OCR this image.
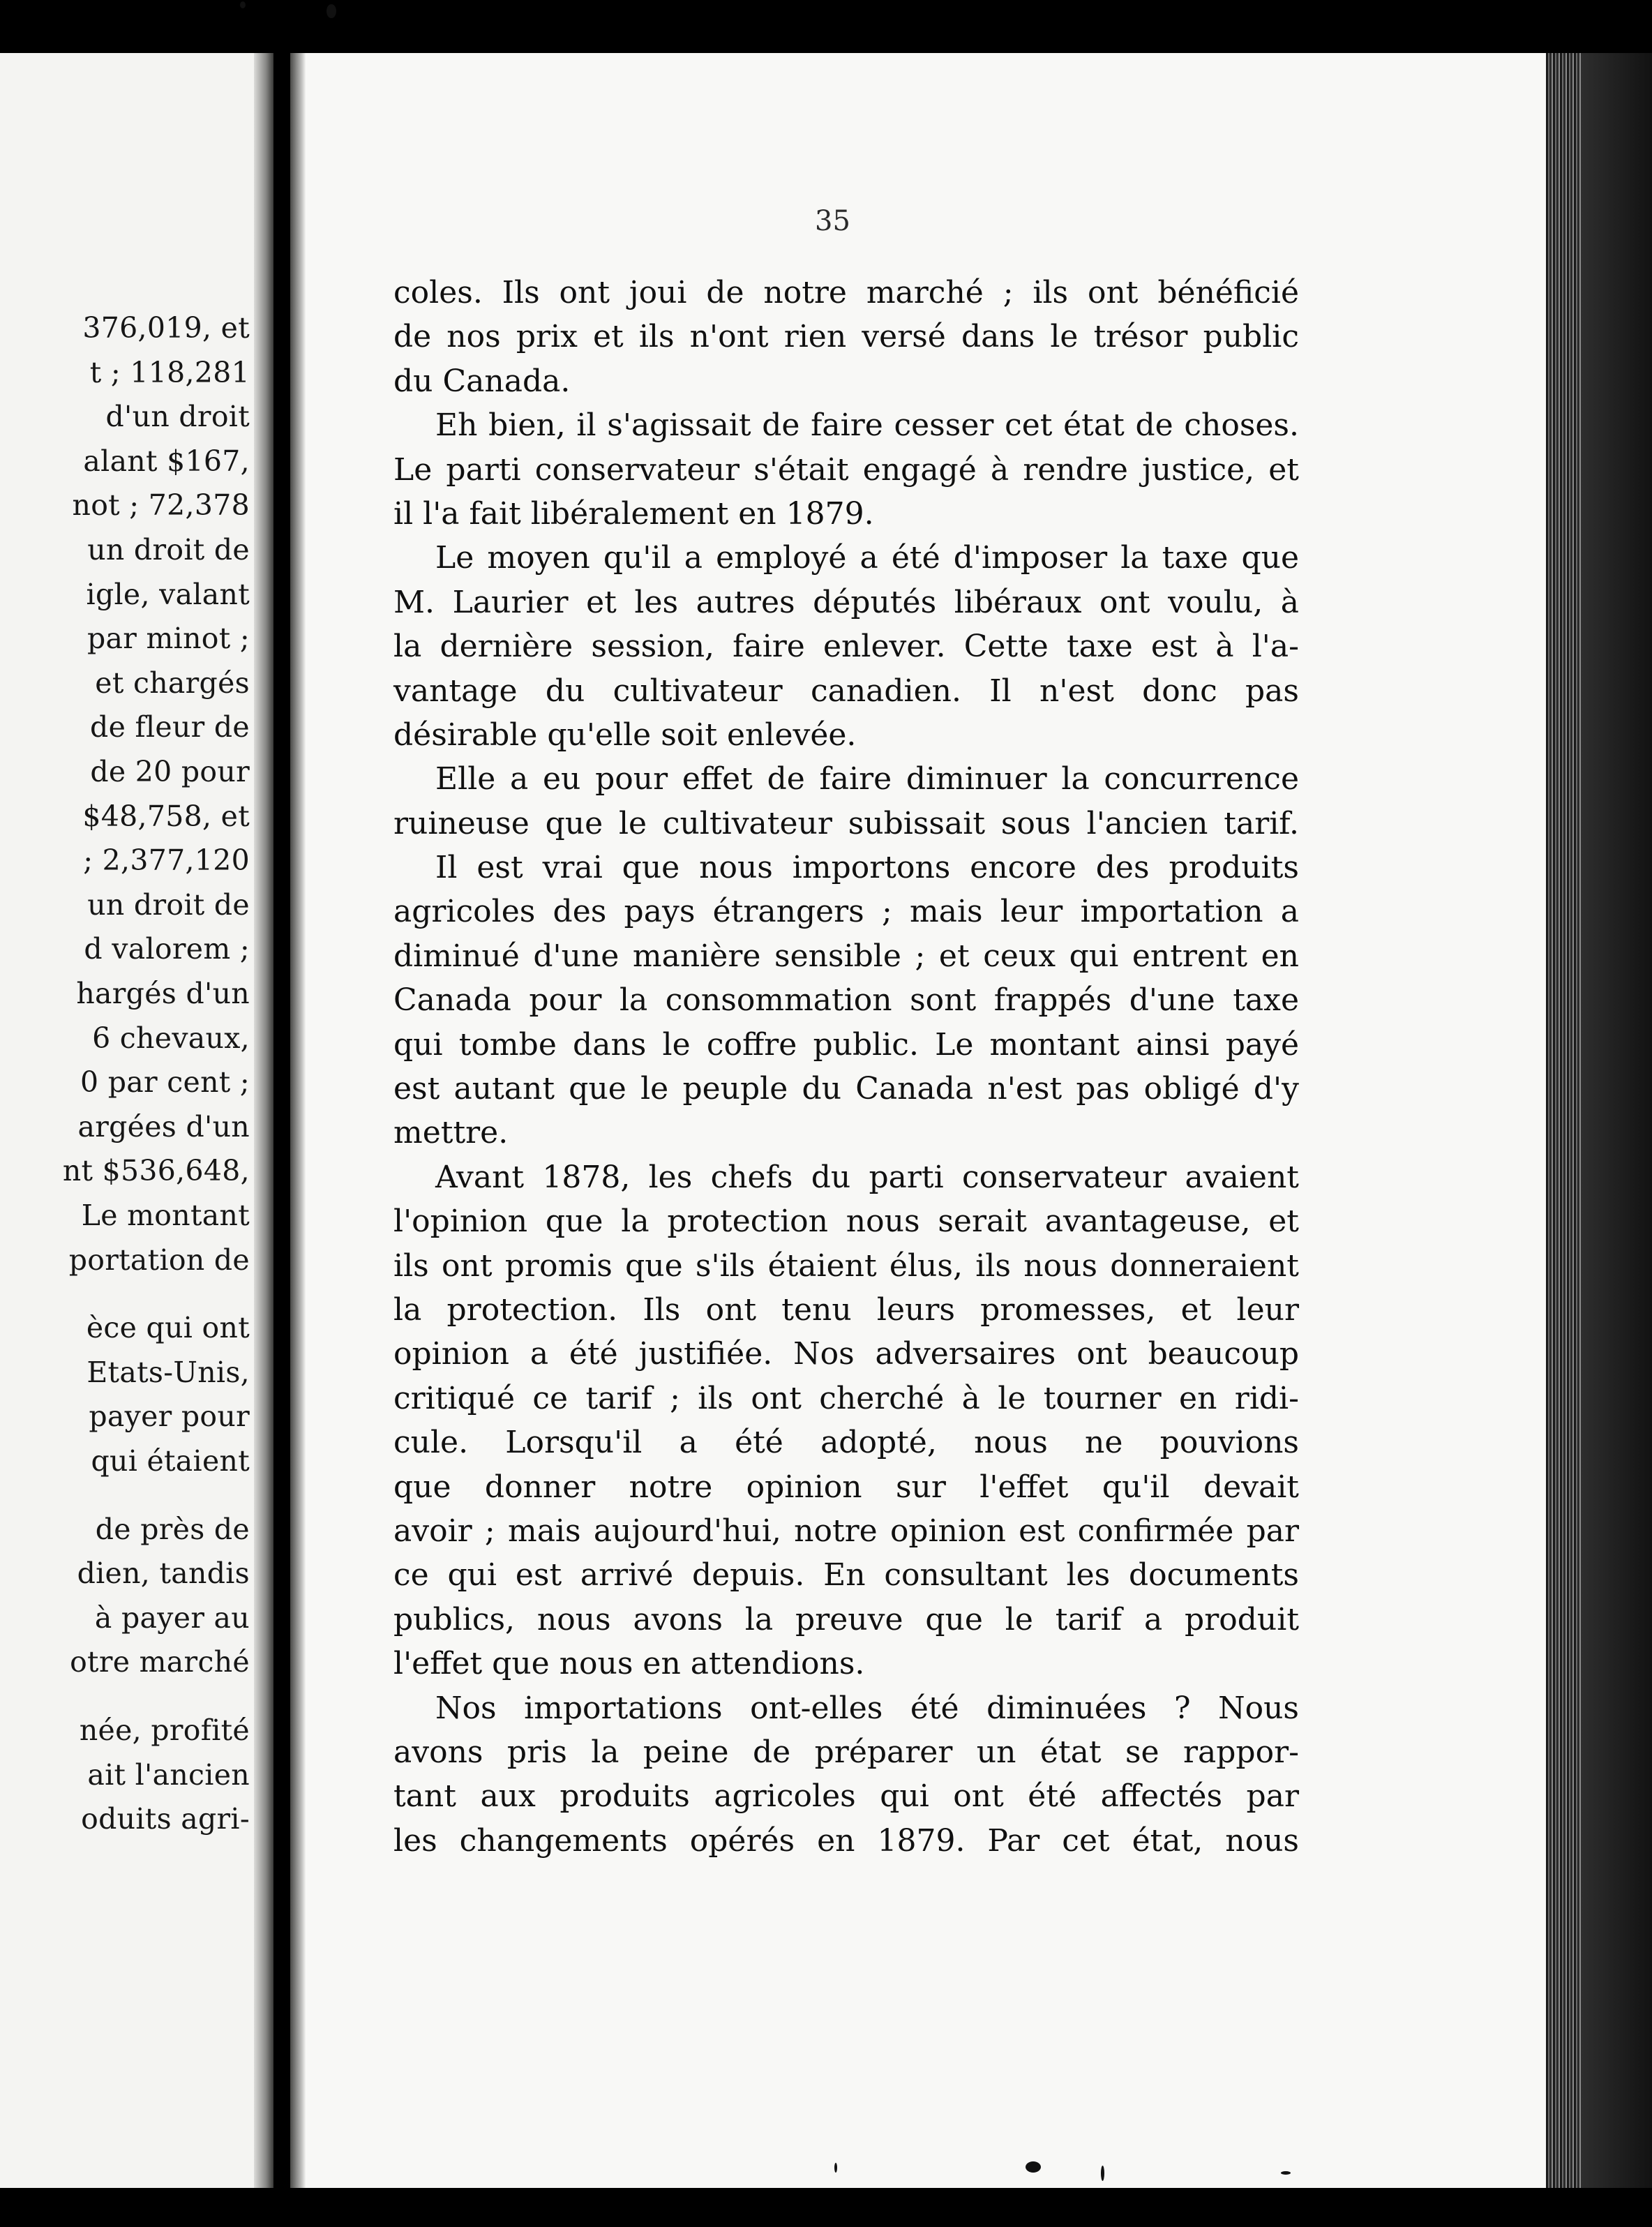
376,019, et
t ; 118,281
d'un droit
alant $167,
not ; 72,378
un droit de
igle, valant
par minot ;
et chargés
de fleur de
de 20 pour
$48,758, et
; 2,377,120
un droit de
d valorem ;
hargés d'un
6 chevaux,
0 par cent ;
argées d'un
nt $536,648,
Le montant
portation de
èce qui ont
Etats-Unis,
payer pour
qui étaient
de près de
dien, tandis
à payer au
otre marché
née, profité
ait l'ancien
oduits agri-
35
coles. Ils ont joui de notre marché ; ils ont bénéficié
de nos prix et ils n'ont rien versé dans le trésor public
du Canada.
Eh bien, il s'agissait de faire cesser cet état de choses.
Le parti conservateur s'était engagé à rendre justice, et
il l'a fait libéralement en 1879.
Le moyen qu'il a employé a été d'imposer la taxe que
M. Laurier et les autres députés libéraux ont voulu, à
la dernière session, faire enlever. Cette taxe est à l'a-
vantage du cultivateur canadien. Il n'est donc pas
désirable qu'elle soit enlevée.
Elle a eu pour effet de faire diminuer la concurrence
ruineuse que le cultivateur subissait sous l'ancien tarif.
Il est vrai que nous importons encore des produits
agricoles des pays étrangers ; mais leur importation a
diminué d'une manière sensible ; et ceux qui entrent en
Canada pour la consommation sont frappés d'une taxe
qui tombe dans le coffre public. Le montant ainsi payé
est autant que le peuple du Canada n'est pas obligé d'y
mettre.
Avant 1878, les chefs du parti conservateur avaient
l'opinion que la protection nous serait avantageuse, et
ils ont promis que s'ils étaient élus, ils nous donneraient
la protection. Ils ont tenu leurs promesses, et leur
opinion a été justifiée. Nos adversaires ont beaucoup
critiqué ce tarif ; ils ont cherché à le tourner en ridi-
cule. Lorsqu'il a été adopté, nous ne pouvions
que donner notre opinion sur l'effet qu'il devait
avoir ; mais aujourd'hui, notre opinion est confirmée par
ce qui est arrivé depuis. En consultant les documents
publics, nous avons la preuve que le tarif a produit
l'effet que nous en attendions.
Nos importations ont-elles été diminuées ? Nous
avons pris la peine de préparer un état se rappor-
tant aux produits agricoles qui ont été affectés par
les changements opérés en 1879. Par cet état, nous
